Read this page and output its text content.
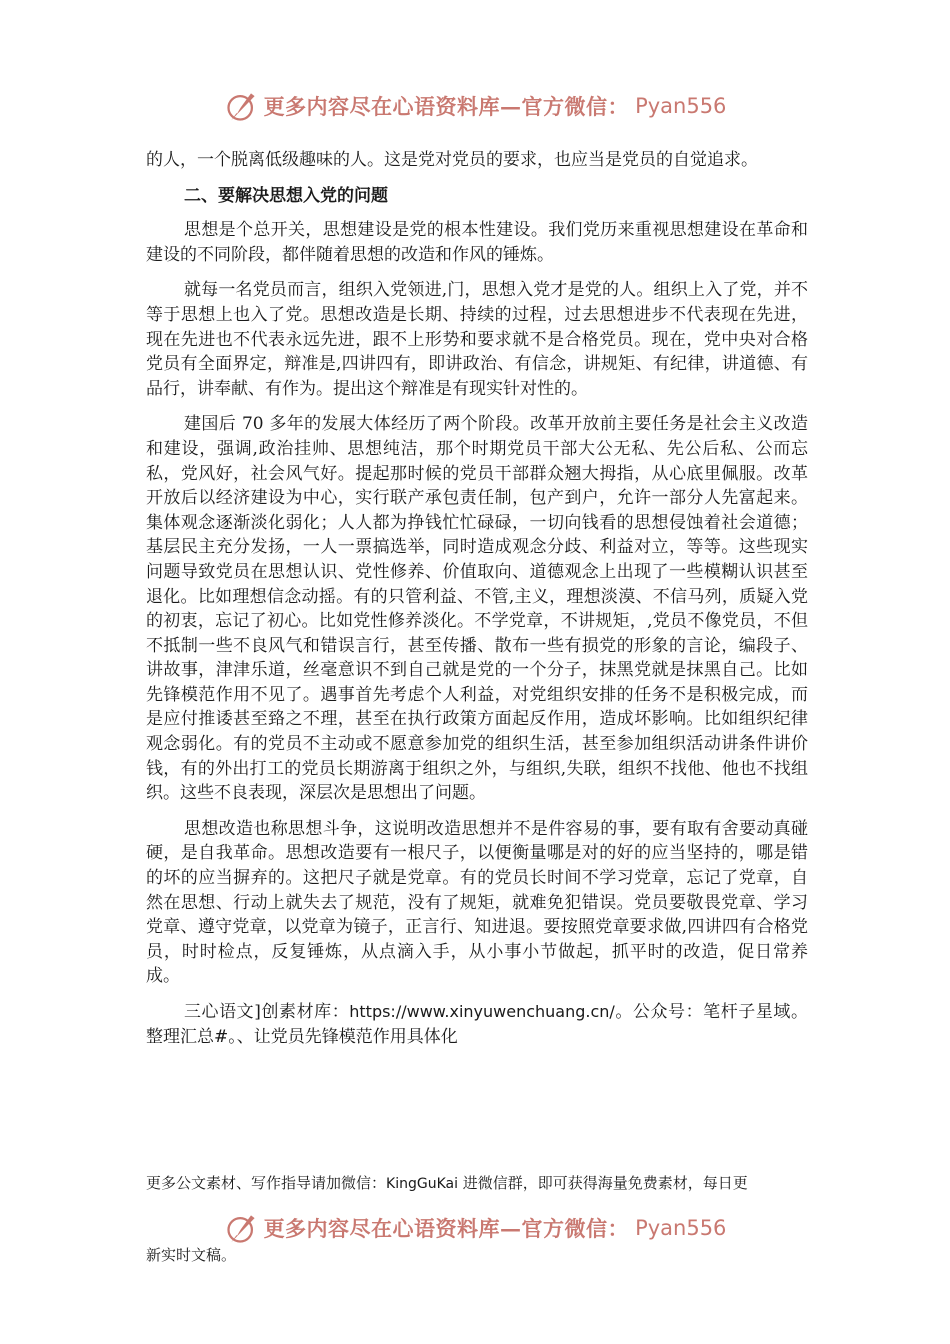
更多内容尽在心语资料库—官方微信： Pyan556

的人，一个脱离低级趣味的人。这是党对党员的要求，也应当是党员的自觉追求。

二、要解决思想入党的问题

思想是个总开关，思想建设是党的根本性建设。我们党历来重视思想建设在革命和建设的不同阶段，都伴随着思想的改造和作风的锤炼。

就每一名党员而言，组织入党领进,门，思想入党才是党的人。组织上入了党，并不等于思想上也入了党。思想改造是长期、持续的过程，过去思想进步不代表现在先进，现在先进也不代表永远先进，跟不上形势和要求就不是合格党员。现在，党中央对合格党员有全面界定，辩准是,四讲四有，即讲政治、有信念，讲规矩、有纪律，讲道德、有品行，讲奉献、有作为。提出这个辩准是有现实针对性的。

建国后 70 多年的发展大体经历了两个阶段。改革开放前主要任务是社会主义改造和建设，强调,政治挂帅、思想纯洁，那个时期党员干部大公无私、先公后私、公而忘私，党风好，社会风气好。提起那时候的党员干部群众翘大拇指，从心底里佩服。改革开放后以经济建设为中心，实行联产承包责任制，包产到户，允许一部分人先富起来。集体观念逐渐淡化弱化；人人都为挣钱忙忙碌碌，一切向钱看的思想侵蚀着社会道德；基层民主充分发扬，一人一票搞选举，同时造成观念分歧、利益对立，等等。这些现实问题导致党员在思想认识、党性修养、价值取向、道德观念上出现了一些模糊认识甚至退化。比如理想信念动摇。有的只管利益、不管,主义，理想淡漠、不信马列，质疑入党的初衷，忘记了初心。比如党性修养淡化。不学党章，不讲规矩，,党员不像党员，不但不抵制一些不良风气和错误言行，甚至传播、散布一些有损党的形象的言论，编段子、讲故事，津津乐道，丝毫意识不到自己就是党的一个分子，抹黑党就是抹黑自己。比如先锋模范作用不见了。遇事首先考虑个人利益，对党组织安排的任务不是积极完成，而是应付推诿甚至臵之不理，甚至在执行政策方面起反作用，造成坏影响。比如组织纪律观念弱化。有的党员不主动或不愿意参加党的组织生活，甚至参加组织活动讲条件讲价钱，有的外出打工的党员长期游离于组织之外，与组织,失联，组织不找他、他也不找组织。这些不良表现，深层次是思想出了问题。

思想改造也称思想斗争，这说明改造思想并不是件容易的事，要有取有舍要动真碰硬，是自我革命。思想改造要有一根尺子，以便衡量哪是对的好的应当坚持的，哪是错的坏的应当摒弃的。这把尺子就是党章。有的党员长时间不学习党章，忘记了党章，自然在思想、行动上就失去了规范，没有了规矩，就难免犯错误。党员要敬畏党章、学习党章、遵守党章，以党章为镜子，正言行、知进退。要按照党章要求做,四讲四有合格党员，时时检点，反复锤炼，从点滴入手，从小事小节做起，抓平时的改造，促日常养成。

三心语文]创素材库：https://www.xinyuwenchuang.cn/。公众号：笔杆子星域。整理汇总#。、让党员先锋模范作用具体化

更多公文素材、写作指导请加微信：KingGuKai 进微信群，即可获得海量免费素材，每日更
更多内容尽在心语资料库—官方微信： Pyan556
新实时文稿。
